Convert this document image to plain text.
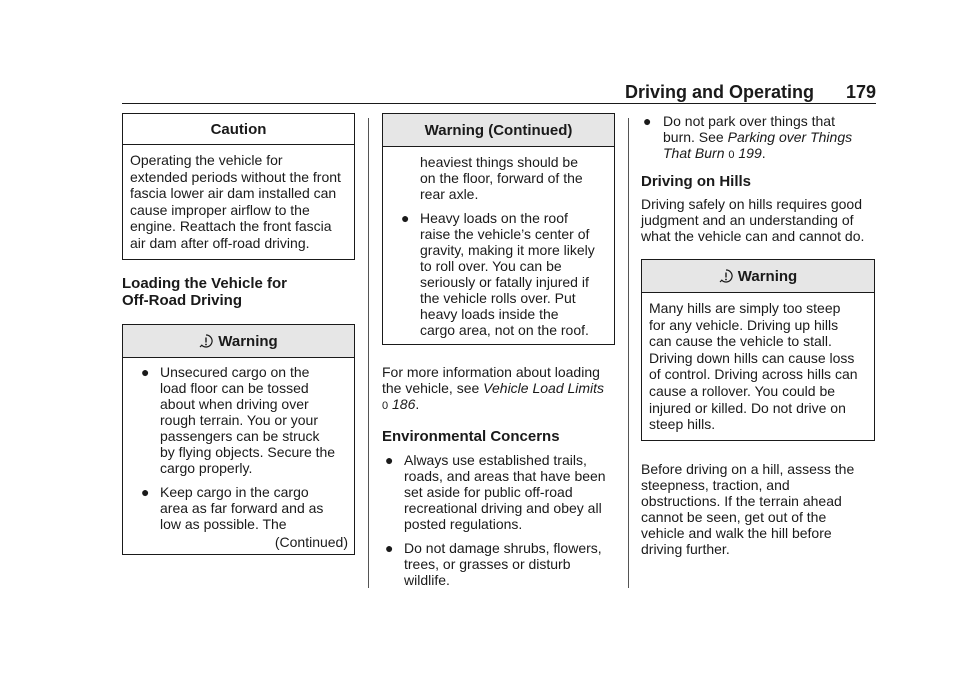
Driving and Operating 179
Caution
Operating the vehicle for
extended periods without the front
fascia lower air dam installed can
cause improper airflow to the
engine. Reattach the front fascia
air dam after off-road driving.
Loading the Vehicle for
Off-Road Driving
Warning
● Unsecured cargo on the
load floor can be tossed
about when driving over
rough terrain. You or your
passengers can be struck
by flying objects. Secure the
cargo properly.
● Keep cargo in the cargo
area as far forward and as
low as possible. The
(Continued)
Warning (Continued)
heaviest things should be
on the floor, forward of the
rear axle.
● Heavy loads on the roof
raise the vehicle’s center of
gravity, making it more likely
to roll over. You can be
seriously or fatally injured if
the vehicle rolls over. Put
heavy loads inside the
cargo area, not on the roof.

For more information about loading
the vehicle, see Vehicle Load Limits
0 186.

Environmental Concerns
● Always use established trails,
roads, and areas that have been
set aside for public off-road
recreational driving and obey all
posted regulations.
● Do not damage shrubs, flowers,
trees, or grasses or disturb
wildlife.
● Do not park over things that
burn. See Parking over Things
That Burn 0 199.
Driving on Hills

Driving safely on hills requires good
judgment and an understanding of
what the vehicle can and cannot do.

Warning
Many hills are simply too steep
for any vehicle. Driving up hills
can cause the vehicle to stall.
Driving down hills can cause loss
of control. Driving across hills can
cause a rollover. You could be
injured or killed. Do not drive on
steep hills.

Before driving on a hill, assess the
steepness, traction, and
obstructions. If the terrain ahead
cannot be seen, get out of the
vehicle and walk the hill before
driving further.
